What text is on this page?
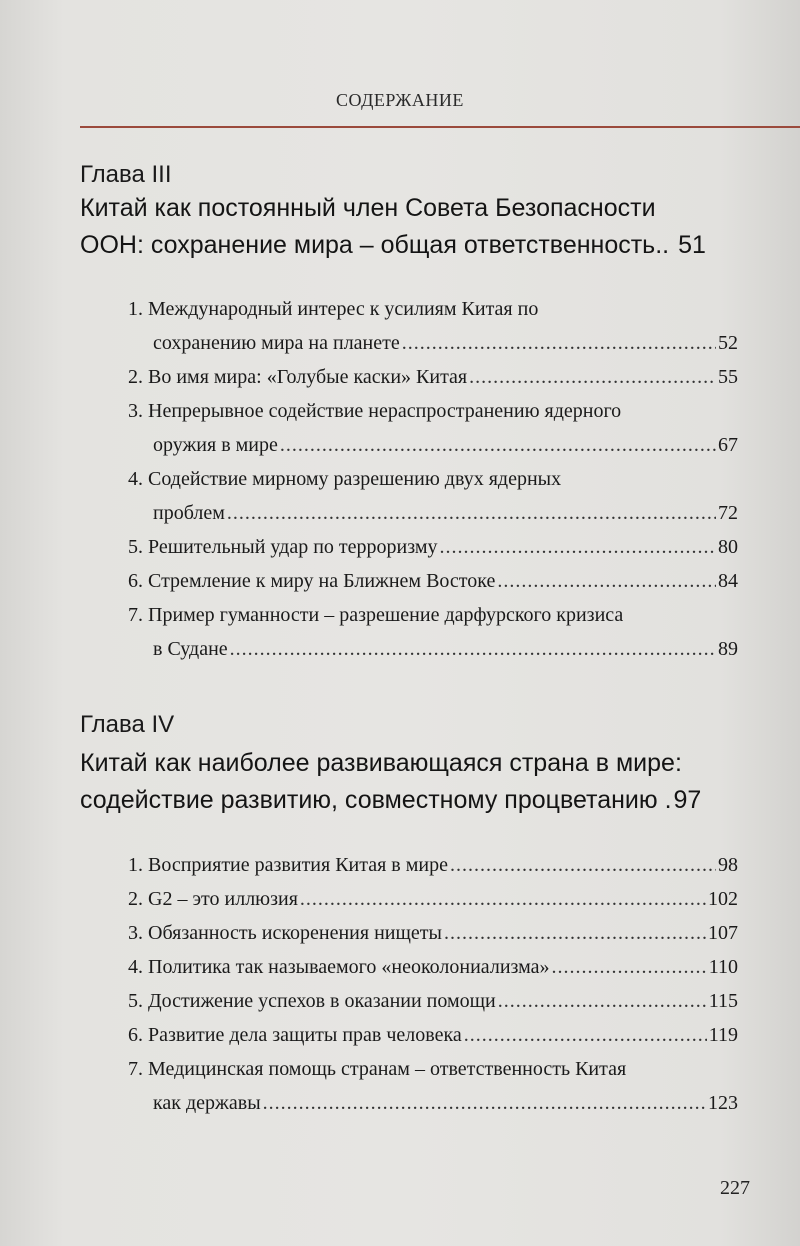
СОДЕРЖАНИЕ
Глава III
Китай как постоянный член Совета Безопасности
ООН: сохранение мира – общая ответственность ..
51
1. Международный интерес к усилиям Китая по
сохранению мира на планете .....	52
2.
Во имя мира: «Голубые каски» Китая .....	55
3. Непрерывное содействие нераспространению ядерного
оружия в мире .....	67
4. Содействие мирному разрешению двух ядерных
проблем .....	72
5.
Решительный удар по терроризму .....	80
6.
Стремление к миру на Ближнем Востоке .....	84
7. Пример гуманности – разрешение дарфурского кризиса
в Судане .....	89
Глава IV
Китай как наиболее развивающаяся страна в мире:
содействие развитию, совместному процветанию
. 97
1.
Восприятие развития Китая в мире .....	98
2.
G2 – это иллюзия .....	102
3.
Обязанность искоренения нищеты .....	107
4.
Политика так называемого «неоколониализма» .....	110
5.
Достижение успехов в оказании помощи .....	115
6.
Развитие дела защиты прав человека .....	119
7. Медицинская помощь странам – ответственность Китая
как державы .....	123
227
